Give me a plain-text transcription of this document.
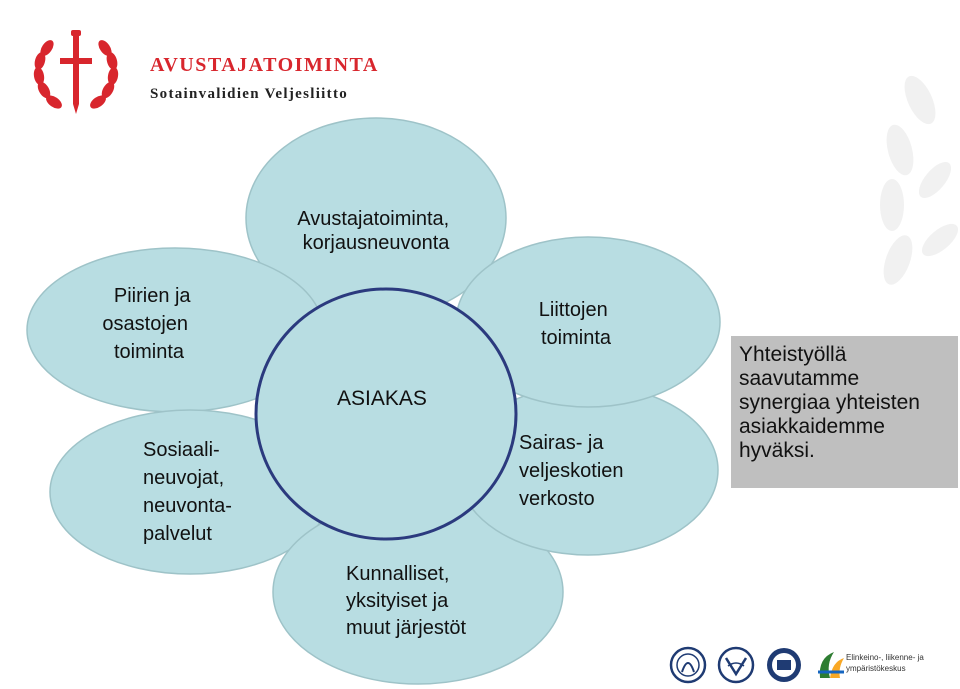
AVUSTAJATOIMINTA
Sotainvalidien Veljesliitto
Avustajatoiminta, korjausneuvonta
Piirien ja osastojen toiminta
Sosiaali- neuvojat, neuvonta- palvelut
Kunnalliset, yksityiset ja muut järjestöt
Sairas- ja veljeskotien verkosto
Liittojen toiminta
ASIAKAS
Yhteistyöllä
saavutamme
synergiaa yhteisten
asiakkaidemme
hyväksi.
Elinkeino-, liikenne- ja
ympäristökeskus
